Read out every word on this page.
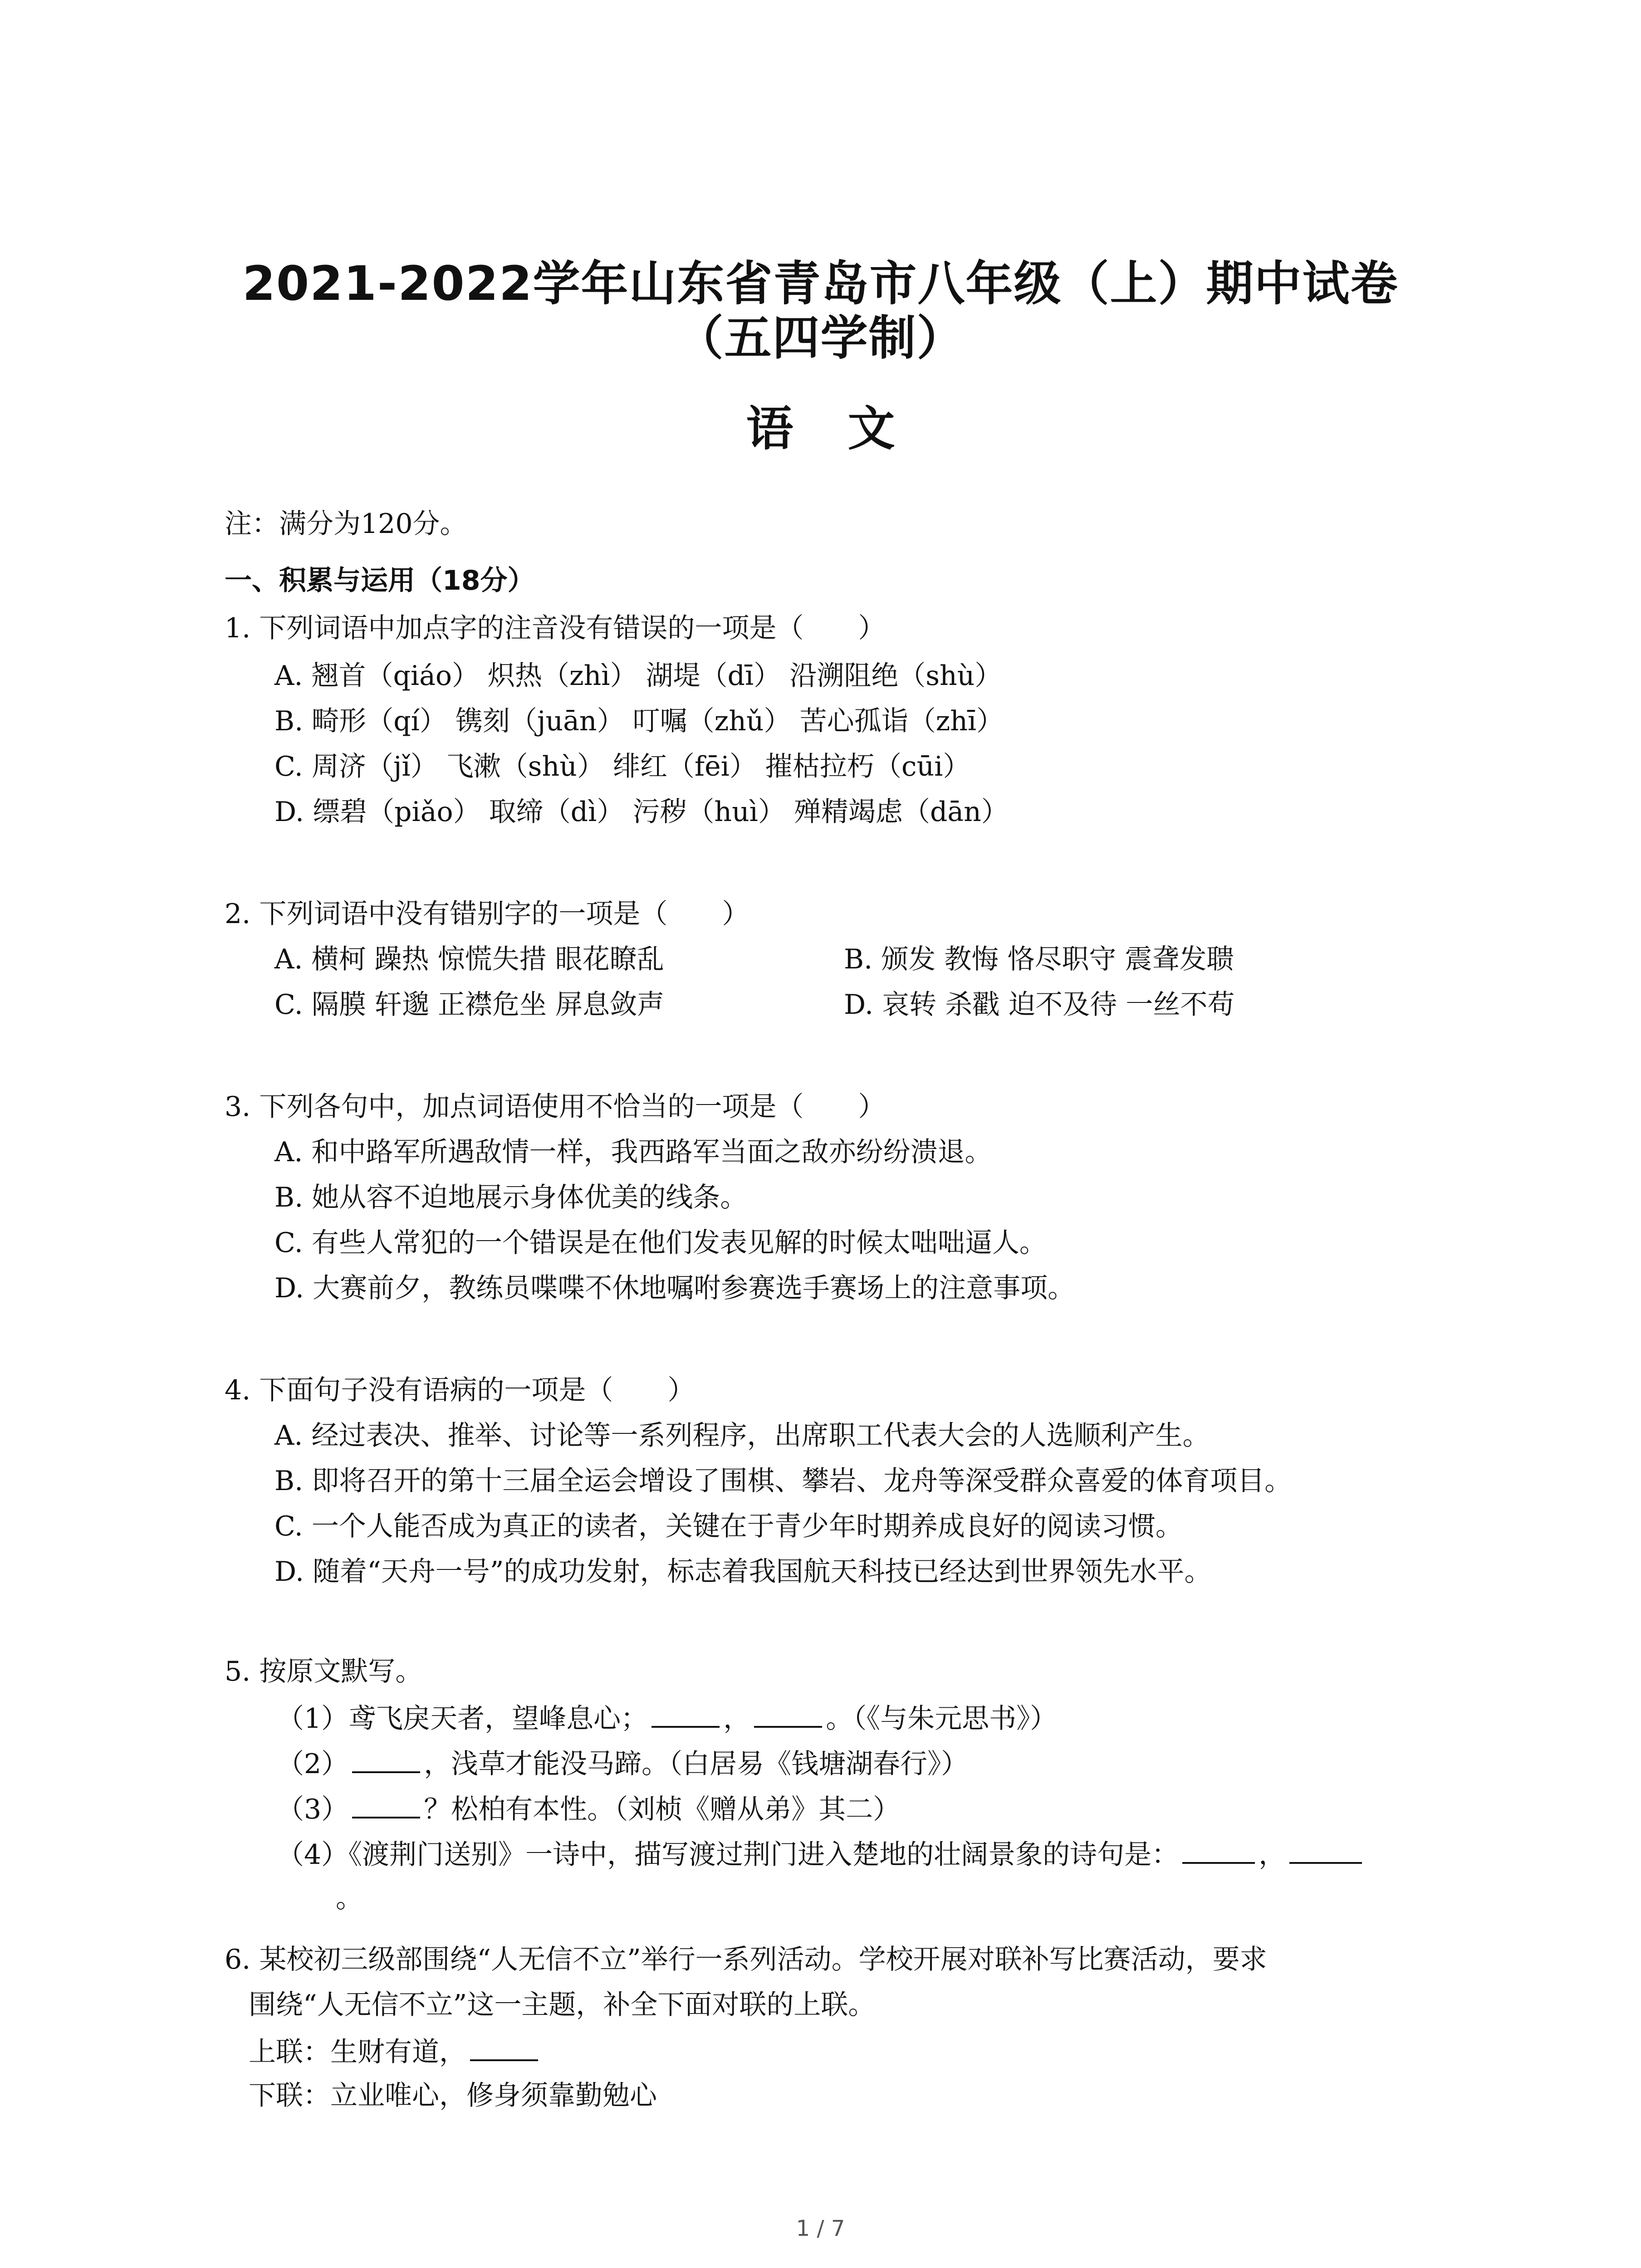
2021-2022学年山东省青岛市八年级（上）期中试卷
（五四学制）
语文
注：满分为120分。
一、积累与运用（18分）
1. 下列词语中加点字的注音没有错误的一项是（　　）
A. 翘首（qiáo） 炽热（zhì） 湖堤（dī） 沿溯阻绝（shù）
B. 畸形（qí） 镌刻（juān） 叮嘱（zhǔ） 苦心孤诣（zhī）
C. 周济（jǐ） 飞漱（shù） 绯红（fēi） 摧枯拉朽（cūi）
D. 缥碧（piǎo） 取缔（dì） 污秽（huì） 殚精竭虑（dān）
2. 下列词语中没有错别字的一项是（　　）
A. 横柯 躁热 惊慌失措 眼花瞭乱	B. 颁发 教悔 恪尽职守 震聋发聩
C. 隔膜 轩邈 正襟危坐 屏息敛声	D. 哀转 杀戳 迫不及待 一丝不苟
3. 下列各句中，加点词语使用不恰当的一项是（　　）
A. 和中路军所遇敌情一样，我西路军当面之敌亦纷纷溃退。
B. 她从容不迫地展示身体优美的线条。
C. 有些人常犯的一个错误是在他们发表见解的时候太咄咄逼人。
D. 大赛前夕，教练员喋喋不休地嘱咐参赛选手赛场上的注意事项。
4. 下面句子没有语病的一项是（　　）
A. 经过表决、推举、讨论等一系列程序，出席职工代表大会的人选顺利产生。
B. 即将召开的第十三届全运会增设了围棋、攀岩、龙舟等深受群众喜爱的体育项目。
C. 一个人能否成为真正的读者，关键在于青少年时期养成良好的阅读习惯。
D. 随着“天舟一号”的成功发射，标志着我国航天科技已经达到世界领先水平。
5. 按原文默写。
（1）鸢飞戾天者，望峰息心；	，	。（《与朱元思书》）
（2）	，浅草才能没马蹄。（白居易《钱塘湖春行》）
（3）	？松柏有本性。（刘桢《赠从弟》其二）
（4）《渡荆门送别》一诗中，描写渡过荆门进入楚地的壮阔景象的诗句是：	，
。
6. 某校初三级部围绕“人无信不立”举行一系列活动。学校开展对联补写比赛活动，要求
围绕“人无信不立”这一主题，补全下面对联的上联。
上联：生财有道，
下联：立业唯心，修身须靠勤勉心
1 / 7
